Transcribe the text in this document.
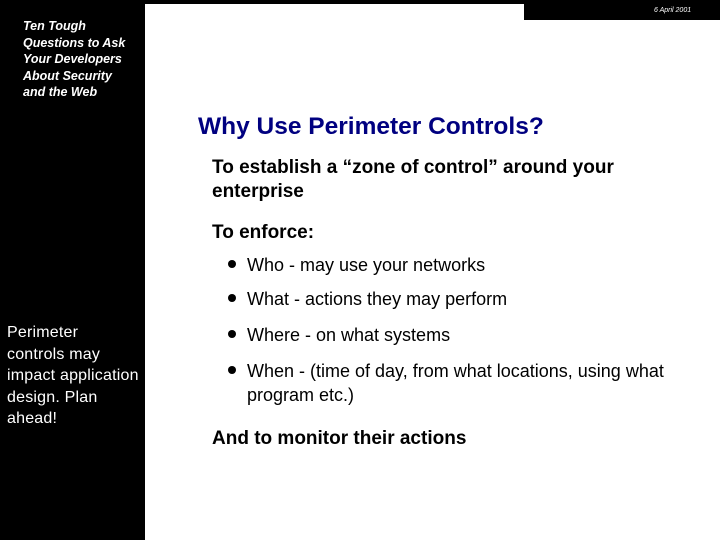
Ten Tough Questions to Ask Your Developers About Security and the Web
Perimeter controls may impact application design. Plan ahead!
6 April 2001
Why Use Perimeter Controls?
To establish a “zone of control” around your enterprise
To enforce:
Who - may use your networks
What - actions they may perform
Where - on what systems
When - (time of day, from what locations, using what program etc.)
And to monitor their actions
